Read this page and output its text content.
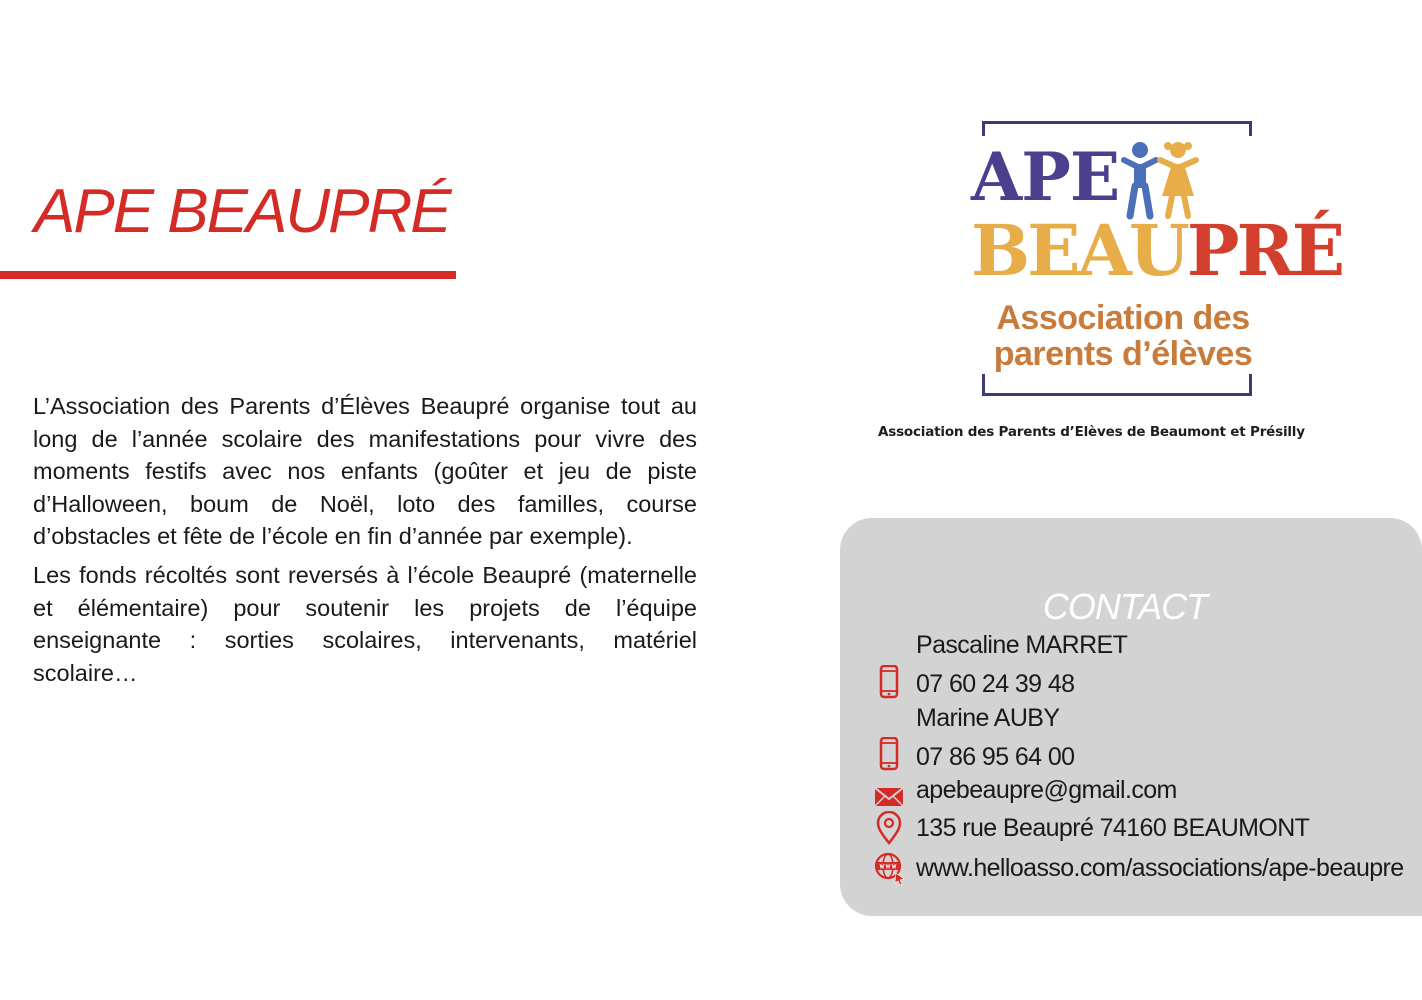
APE BEAUPRÉ

L’Association des Parents d’Élèves Beaupré organise tout au long de l’année scolaire des manifestations pour vivre des moments festifs avec nos enfants (goûter et jeu de piste d’Halloween, boum de Noël, loto des familles, course d’obstacles et fête de l’école en fin d’année par exemple).

Les fonds récoltés sont reversés à l’école Beaupré (maternelle et élémentaire) pour soutenir les projets de l’équipe enseignante : sorties scolaires, intervenants, matériel scolaire…

APE
BEAUPRÉ
Association des
parents d’élèves
Association des Parents d’Elèves de Beaumont et Présilly
CONTACT
Pascaline MARRET
07 60 24 39 48
Marine AUBY
07 86 95 64 00
apebeaupre@gmail.com
135 rue Beaupré 74160 BEAUMONT
www.helloasso.com/associations/ape-beaupre
